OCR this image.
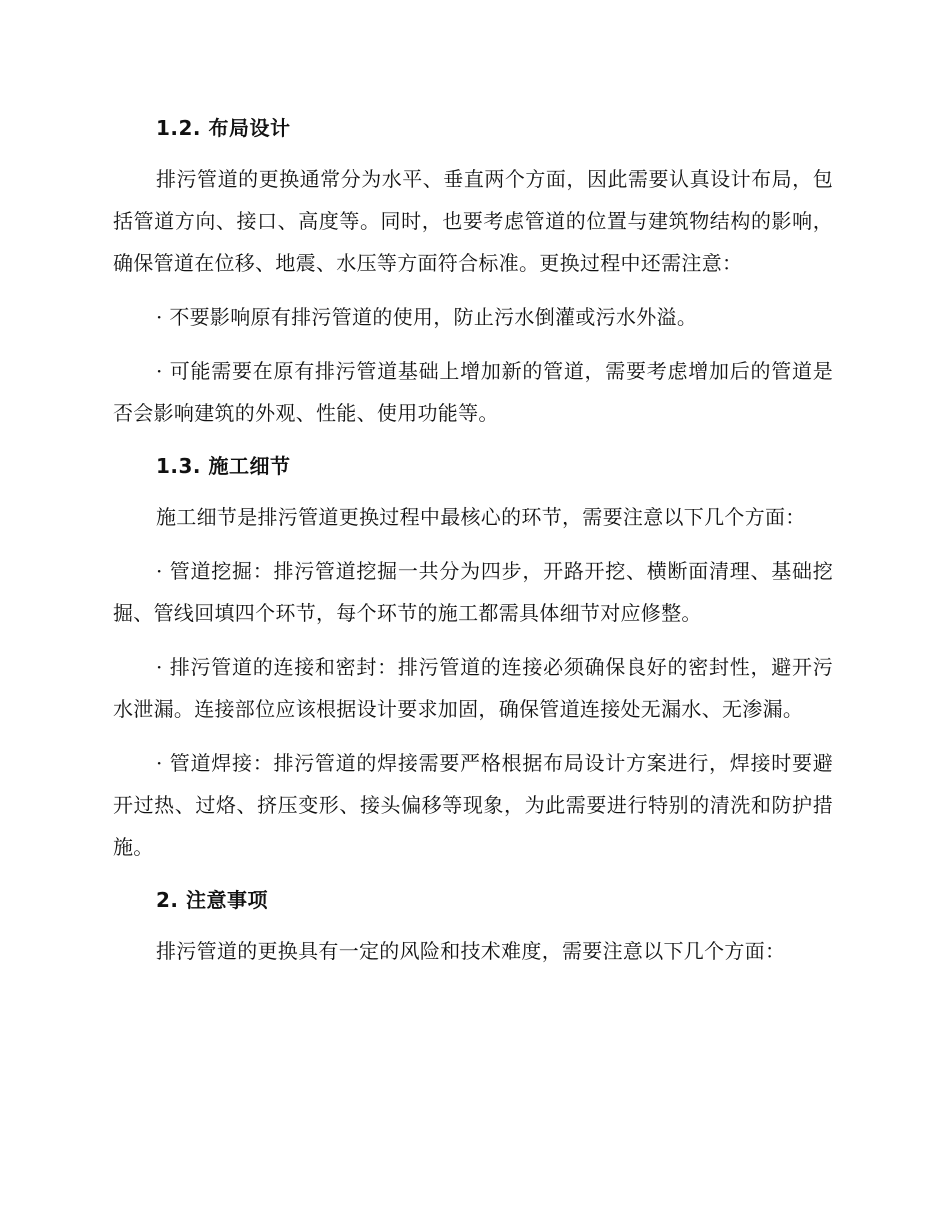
1.2. 布局设计

排污管道的更换通常分为水平、垂直两个方面，因此需要认真设计布局，包括管道方向、接口、高度等。同时，也要考虑管道的位置与建筑物结构的影响，确保管道在位移、地震、水压等方面符合标准。更换过程中还需注意：

· 不要影响原有排污管道的使用，防止污水倒灌或污水外溢。

· 可能需要在原有排污管道基础上增加新的管道，需要考虑增加后的管道是否会影响建筑的外观、性能、使用功能等。

1.3. 施工细节

施工细节是排污管道更换过程中最核心的环节，需要注意以下几个方面：

· 管道挖掘：排污管道挖掘一共分为四步，开路开挖、横断面清理、基础挖掘、管线回填四个环节，每个环节的施工都需具体细节对应修整。

· 排污管道的连接和密封：排污管道的连接必须确保良好的密封性，避开污水泄漏。连接部位应该根据设计要求加固，确保管道连接处无漏水、无渗漏。

· 管道焊接：排污管道的焊接需要严格根据布局设计方案进行，焊接时要避开过热、过烙、挤压变形、接头偏移等现象，为此需要进行特别的清洗和防护措施。

2. 注意事项

排污管道的更换具有一定的风险和技术难度，需要注意以下几个方面：
